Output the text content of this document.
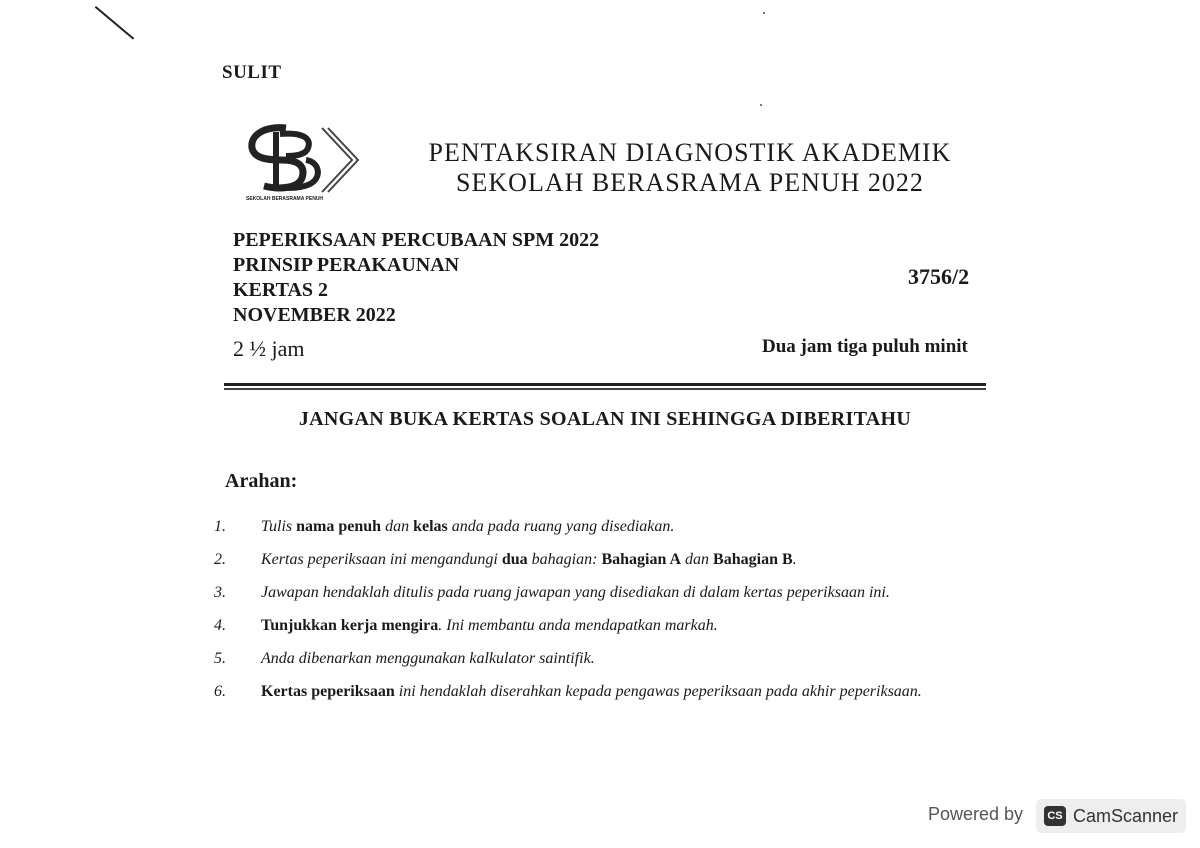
SULIT
SEKOLAH BERASRAMA PENUH
PENTAKSIRAN DIAGNOSTIK AKADEMIK
SEKOLAH BERASRAMA PENUH 2022
PEPERIKSAAN PERCUBAAN SPM 2022
PRINSIP PERAKAUNAN
KERTAS 2
NOVEMBER 2022
3756/2
2 ½ jam	Dua jam tiga puluh minit
JANGAN BUKA KERTAS SOALAN INI SEHINGGA DIBERITAHU
Arahan:
1.	Tulis nama penuh dan kelas anda pada ruang yang disediakan.
2.	Kertas peperiksaan ini mengandungi dua bahagian: Bahagian A dan Bahagian B.
3.	Jawapan hendaklah ditulis pada ruang jawapan yang disediakan di dalam kertas peperiksaan ini.
4.	Tunjukkan kerja mengira. Ini membantu anda mendapatkan markah.
5.	Anda dibenarkan menggunakan kalkulator saintifik.
6.	Kertas peperiksaan ini hendaklah diserahkan kepada pengawas peperiksaan pada akhir peperiksaan.
Powered by	CS CamScanner
